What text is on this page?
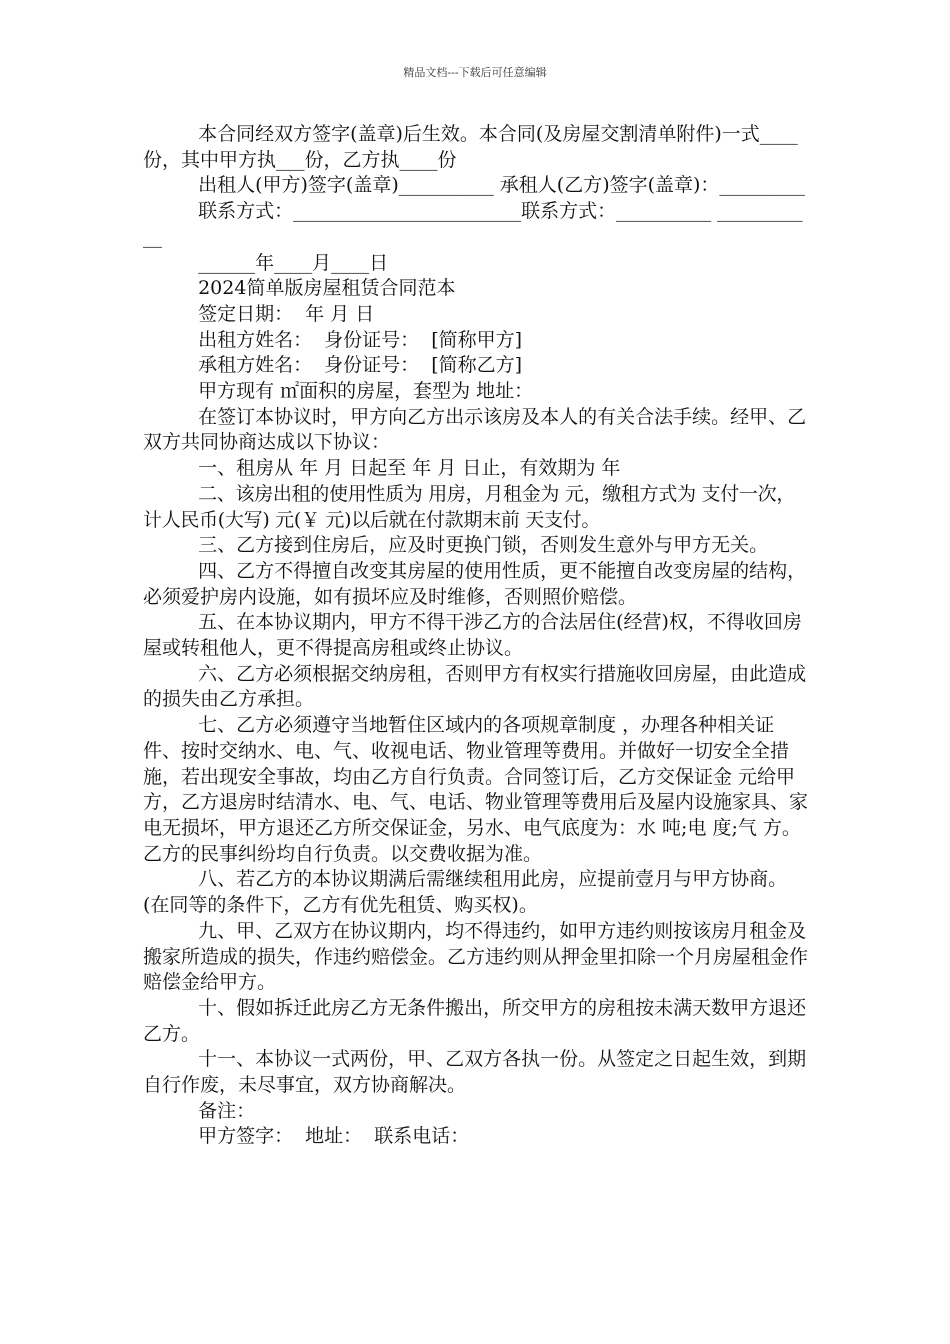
精品文档---下载后可任意编辑

本合同经双方签字(盖章)后生效。本合同(及房屋交割清单附件)一式____份，其中甲方执___份，乙方执____份

出租人(甲方)签字(盖章)__________ 承租人(乙方)签字(盖章)：_________

联系方式：________________________联系方式：__________ ___________

______年____月____日

2024简单版房屋租赁合同范本

签定日期：  年 月 日

出租方姓名：  身份证号：  [简称甲方]

承租方姓名：  身份证号：  [简称乙方]

甲方现有 ㎡面积的房屋，套型为 地址：

在签订本协议时，甲方向乙方出示该房及本人的有关合法手续。经甲、乙双方共同协商达成以下协议：

一、租房从 年 月 日起至 年 月 日止，有效期为 年

二、该房出租的使用性质为 用房，月租金为 元，缴租方式为 支付一次，计人民币(大写) 元(￥ 元)以后就在付款期末前 天支付。

三、乙方接到住房后，应及时更换门锁，否则发生意外与甲方无关。

四、乙方不得擅自改变其房屋的使用性质，更不能擅自改变房屋的结构，必须爱护房内设施，如有损坏应及时维修，否则照价赔偿。

五、在本协议期内，甲方不得干涉乙方的合法居住(经营)权，不得收回房屋或转租他人，更不得提高房租或终止协议。

六、乙方必须根据交纳房租，否则甲方有权实行措施收回房屋，由此造成的损失由乙方承担。

七、乙方必须遵守当地暂住区域内的各项规章制度 ，办理各种相关证件、按时交纳水、电、气、收视电话、物业管理等费用。并做好一切安全全措施，若出现安全事故，均由乙方自行负责。合同签订后，乙方交保证金 元给甲方，乙方退房时结清水、电、气、电话、物业管理等费用后及屋内设施家具、家电无损坏，甲方退还乙方所交保证金，另水、电气底度为：水 吨;电 度;气 方。乙方的民事纠纷均自行负责。以交费收据为准。

八、若乙方的本协议期满后需继续租用此房，应提前壹月与甲方协商。(在同等的条件下，乙方有优先租赁、购买权)。

九、甲、乙双方在协议期内，均不得违约，如甲方违约则按该房月租金及搬家所造成的损失，作违约赔偿金。乙方违约则从押金里扣除一个月房屋租金作赔偿金给甲方。

十、假如拆迁此房乙方无条件搬出，所交甲方的房租按未满天数甲方退还乙方。

十一、本协议一式两份，甲、乙双方各执一份。从签定之日起生效，到期自行作废，未尽事宜，双方协商解决。

备注：

甲方签字：  地址：  联系电话：
